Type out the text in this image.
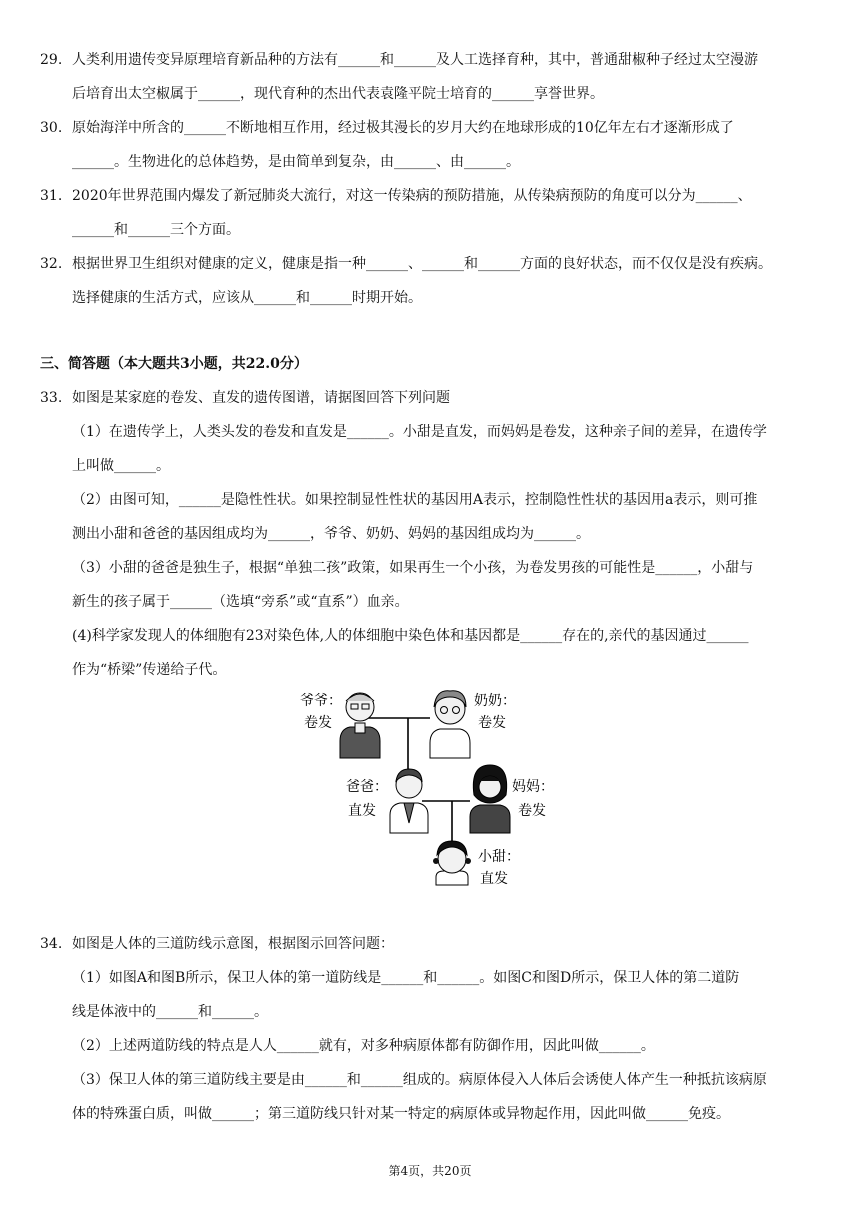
29. 人类利用遗传变异原理培育新品种的方法有______和______及人工选择育种，其中，普通甜椒种子经过太空漫游
后培育出太空椒属于______，现代育种的杰出代表袁隆平院士培育的______享誉世界。
30. 原始海洋中所含的______不断地相互作用，经过极其漫长的岁月大约在地球形成的10亿年左右才逐渐形成了
______。生物进化的总体趋势，是由简单到复杂，由______、由______。
31. 2020年世界范围内爆发了新冠肺炎大流行，对这一传染病的预防措施，从传染病预防的角度可以分为______、
______和______三个方面。
32. 根据世界卫生组织对健康的定义，健康是指一种______、______和______方面的良好状态，而不仅仅是没有疾病。
选择健康的生活方式，应该从______和______时期开始。
三、简答题（本大题共3小题，共22.0分）
33. 如图是某家庭的卷发、直发的遗传图谱，请据图回答下列问题
（1）在遗传学上，人类头发的卷发和直发是______。小甜是直发，而妈妈是卷发，这种亲子间的差异，在遗传学
上叫做______。
（2）由图可知，______是隐性性状。如果控制显性性状的基因用A表示，控制隐性性状的基因用a表示，则可推
测出小甜和爸爸的基因组成均为______，爷爷、奶奶、妈妈的基因组成均为______。
（3）小甜的爸爸是独生子，根据“单独二孩”政策，如果再生一个小孩，为卷发男孩的可能性是______，小甜与
新生的孩子属于______（选填“旁系”或“直系”）血亲。
(4)科学家发现人的体细胞有23对染色体,人的体细胞中染色体和基因都是______存在的,亲代的基因通过______
作为“桥梁”传递给子代。
爷爷：
卷发
奶奶：
卷发
爸爸：
直发
妈妈：
卷发
小甜：
直发
34. 如图是人体的三道防线示意图，根据图示回答问题：
（1）如图A和图B所示，保卫人体的第一道防线是______和______。如图C和图D所示，保卫人体的第二道防
线是体液中的______和______。
（2）上述两道防线的特点是人人______就有，对多种病原体都有防御作用，因此叫做______。
（3）保卫人体的第三道防线主要是由______和______组成的。病原体侵入人体后会诱使人体产生一种抵抗该病原
体的特殊蛋白质，叫做______；第三道防线只针对某一特定的病原体或异物起作用，因此叫做______免疫。
第4页，共20页
